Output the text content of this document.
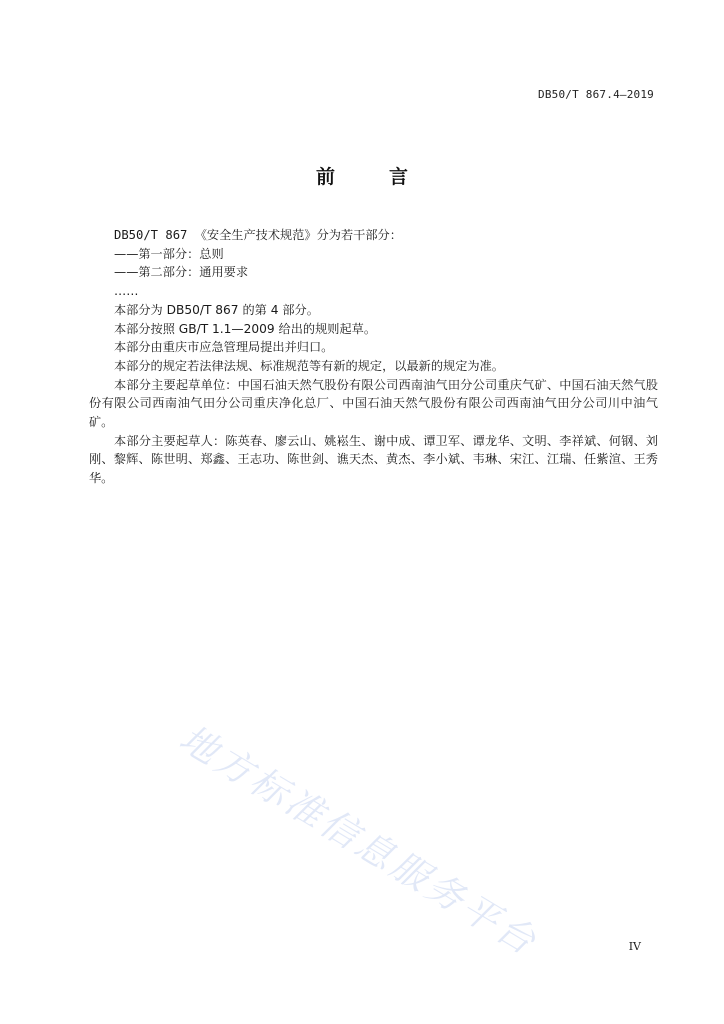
DB50/T 867.4—2019
前	言

DB50/T 867 《安全生产技术规范》分为若干部分：

——第一部分：总则

——第二部分：通用要求

……

本部分为 DB50/T 867 的第 4 部分。

本部分按照 GB/T 1.1—2009 给出的规则起草。

本部分由重庆市应急管理局提出并归口。

本部分的规定若法律法规、标准规范等有新的规定，以最新的规定为准。

本部分主要起草单位：中国石油天然气股份有限公司西南油气田分公司重庆气矿、中国石油天然气股份有限公司西南油气田分公司重庆净化总厂、中国石油天然气股份有限公司西南油气田分公司川中油气矿。

本部分主要起草人：陈英春、廖云山、姚崧生、谢中成、谭卫军、谭龙华、文明、李祥斌、何钢、刘刚、黎辉、陈世明、郑鑫、王志功、陈世剑、谯天杰、黄杰、李小斌、韦琳、宋江、江瑞、任紫渲、王秀华。

地方标准信息服务平台	IV
